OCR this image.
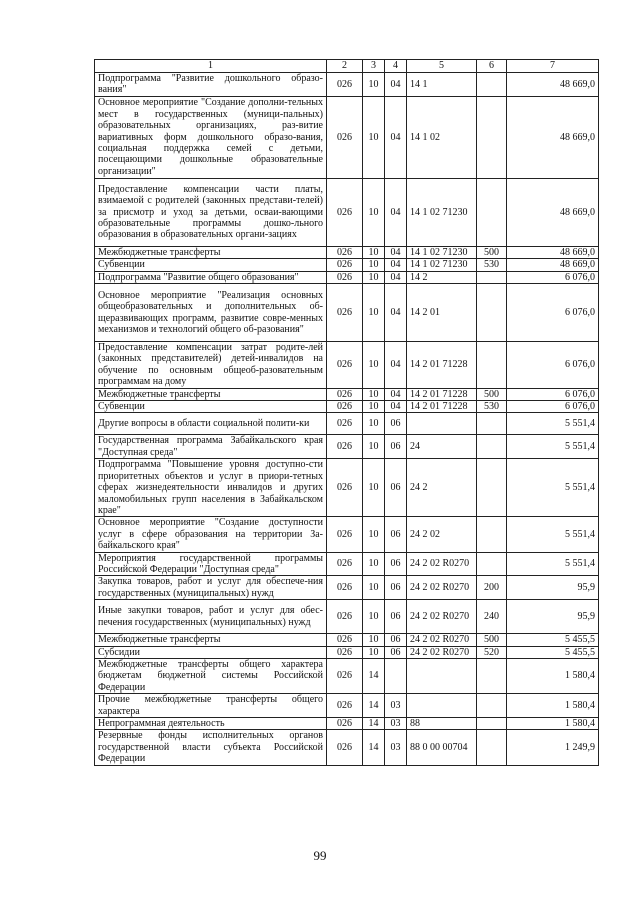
1	2	3	4	5	6	7
Подпрограмма "Развитие дошкольного образо-вания"	026	10	04	14 1		48 669,0
Основное мероприятие "Создание дополни-тельных мест в государственных (муници-пальных) образовательных организациях, раз-витие вариативных форм дошкольного образо-вания, социальная поддержка семей с детьми, посещающими дошкольные образовательные организации"	026	10	04	14 1 02		48 669,0
Предоставление компенсации части платы, взимаемой с родителей (законных представи-телей) за присмотр и уход за детьми, осваи-вающими образовательные программы дошко-льного образования в образовательных органи-зациях	026	10	04	14 1 02 71230		48 669,0
Межбюджетные трансферты	026	10	04	14 1 02 71230	500	48 669,0
Субвенции	026	10	04	14 1 02 71230	530	48 669,0
Подпрограмма "Развитие общего образования"	026	10	04	14 2		6 076,0
Основное мероприятие "Реализация основных общеобразовательных и дополнительных об-щеразвивающих программ, развитие совре-менных механизмов и технологий общего об-разования"	026	10	04	14 2 01		6 076,0
Предоставление компенсации затрат родите-лей (законных представителей) детей-инвалидов на обучение по основным общеоб-разовательным программам на дому	026	10	04	14 2 01 71228		6 076,0
Межбюджетные трансферты	026	10	04	14 2 01 71228	500	6 076,0
Субвенции	026	10	04	14 2 01 71228	530	6 076,0
Другие вопросы в области социальной полити-ки	026	10	06			5 551,4
Государственная программа Забайкальского края "Доступная среда"	026	10	06	24		5 551,4
Подпрограмма "Повышение уровня доступно-сти приоритетных объектов и услуг в приори-тетных сферах жизнедеятельности инвалидов и других маломобильных групп населения в Забайкальском крае"	026	10	06	24 2		5 551,4
Основное мероприятие "Создание доступности услуг в сфере образования на территории За-байкальского края"	026	10	06	24 2 02		5 551,4
Мероприятия государственной программы Российской Федерации "Доступная среда"	026	10	06	24 2 02 R0270		5 551,4
Закупка товаров, работ и услуг для обеспече-ния государственных (муниципальных) нужд	026	10	06	24 2 02 R0270	200	95,9
Иные закупки товаров, работ и услуг для обес-печения государственных (муниципальных) нужд	026	10	06	24 2 02 R0270	240	95,9
Межбюджетные трансферты	026	10	06	24 2 02 R0270	500	5 455,5
Субсидии	026	10	06	24 2 02 R0270	520	5 455,5
Межбюджетные трансферты общего характера бюджетам бюджетной системы Российской Федерации	026	14				1 580,4
Прочие межбюджетные трансферты общего характера	026	14	03			1 580,4
Непрограммная деятельность	026	14	03	88		1 580,4
Резервные фонды исполнительных органов государственной власти субъекта Российской Федерации	026	14	03	88 0 00 00704		1 249,9
99
